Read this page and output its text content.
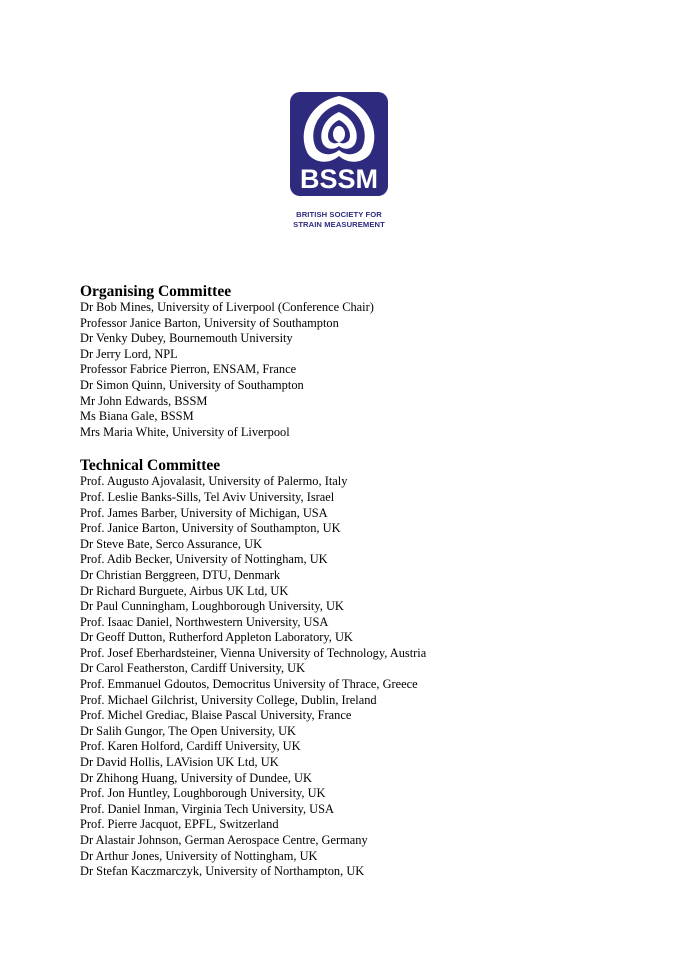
BSSM
BRITISH SOCIETY FOR
STRAIN MEASUREMENT
Organising Committee
Dr Bob Mines, University of Liverpool (Conference Chair)
Professor Janice Barton, University of Southampton
Dr Venky Dubey, Bournemouth University
Dr Jerry Lord, NPL
Professor Fabrice Pierron, ENSAM, France
Dr Simon Quinn, University of Southampton
Mr John Edwards, BSSM
Ms Biana Gale, BSSM
Mrs Maria White, University of Liverpool
Technical Committee
Prof. Augusto Ajovalasit, University of Palermo, Italy
Prof. Leslie Banks-Sills, Tel Aviv University, Israel
Prof. James Barber, University of Michigan, USA
Prof. Janice Barton, University of Southampton, UK
Dr Steve Bate, Serco Assurance, UK
Prof. Adib Becker, University of Nottingham, UK
Dr Christian Berggreen, DTU, Denmark
Dr Richard Burguete, Airbus UK Ltd, UK
Dr Paul Cunningham, Loughborough University, UK
Prof. Isaac Daniel, Northwestern University, USA
Dr Geoff Dutton, Rutherford Appleton Laboratory, UK
Prof. Josef Eberhardsteiner, Vienna University of Technology, Austria
Dr Carol Featherston, Cardiff University, UK
Prof. Emmanuel Gdoutos, Democritus University of Thrace, Greece
Prof. Michael Gilchrist, University College, Dublin, Ireland
Prof. Michel Grediac, Blaise Pascal University, France
Dr Salih Gungor, The Open University, UK
Prof. Karen Holford, Cardiff University, UK
Dr David Hollis, LAVision UK Ltd, UK
Dr Zhihong Huang, University of Dundee, UK
Prof. Jon Huntley, Loughborough University, UK
Prof. Daniel Inman, Virginia Tech University, USA
Prof. Pierre Jacquot, EPFL, Switzerland
Dr Alastair Johnson, German Aerospace Centre, Germany
Dr Arthur Jones, University of Nottingham, UK
Dr Stefan Kaczmarczyk, University of Northampton, UK
